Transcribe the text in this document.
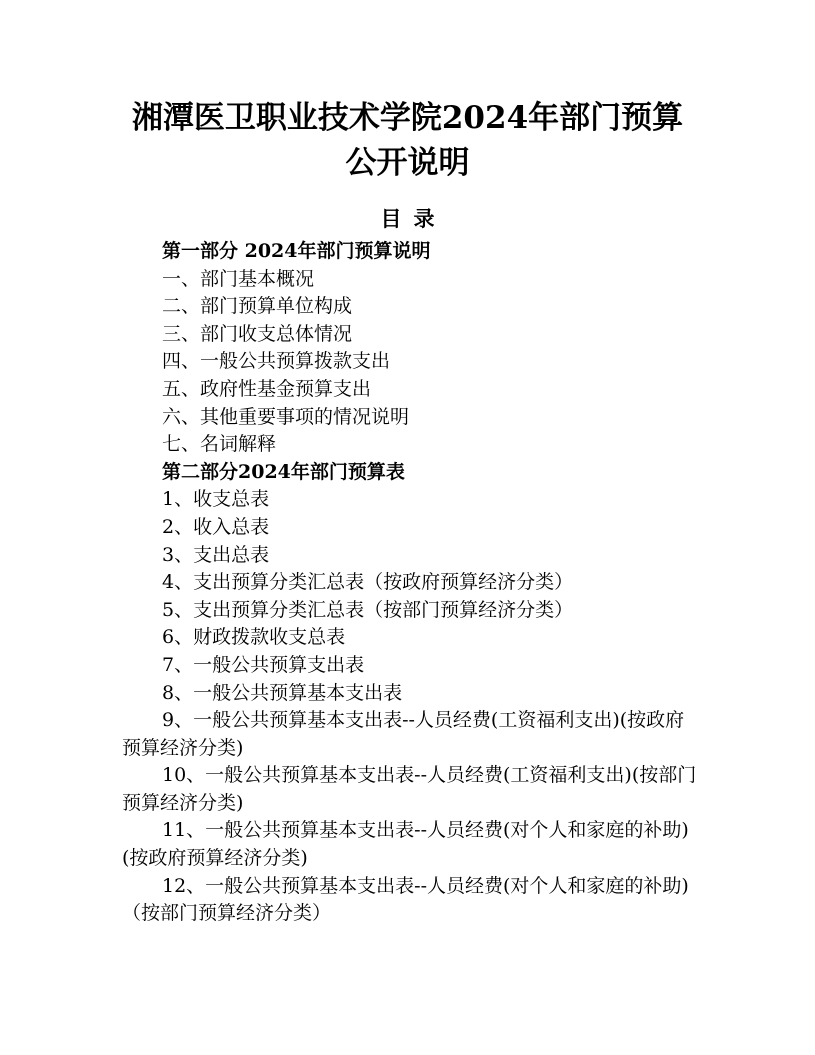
湘潭医卫职业技术学院2024年部门预算
公开说明
目录
第一部分 2024年部门预算说明
一、部门基本概况
二、部门预算单位构成
三、部门收支总体情况
四、一般公共预算拨款支出
五、政府性基金预算支出
六、其他重要事项的情况说明
七、名词解释
第二部分2024年部门预算表
1、收支总表
2、收入总表
3、支出总表
4、支出预算分类汇总表（按政府预算经济分类）
5、支出预算分类汇总表（按部门预算经济分类）
6、财政拨款收支总表
7、一般公共预算支出表
8、一般公共预算基本支出表
9、一般公共预算基本支出表--人员经费(工资福利支出)(按政府预算经济分类)
10、一般公共预算基本支出表--人员经费(工资福利支出)(按部门预算经济分类)
11、一般公共预算基本支出表--人员经费(对个人和家庭的补助)(按政府预算经济分类)
12、一般公共预算基本支出表--人员经费(对个人和家庭的补助)（按部门预算经济分类）
